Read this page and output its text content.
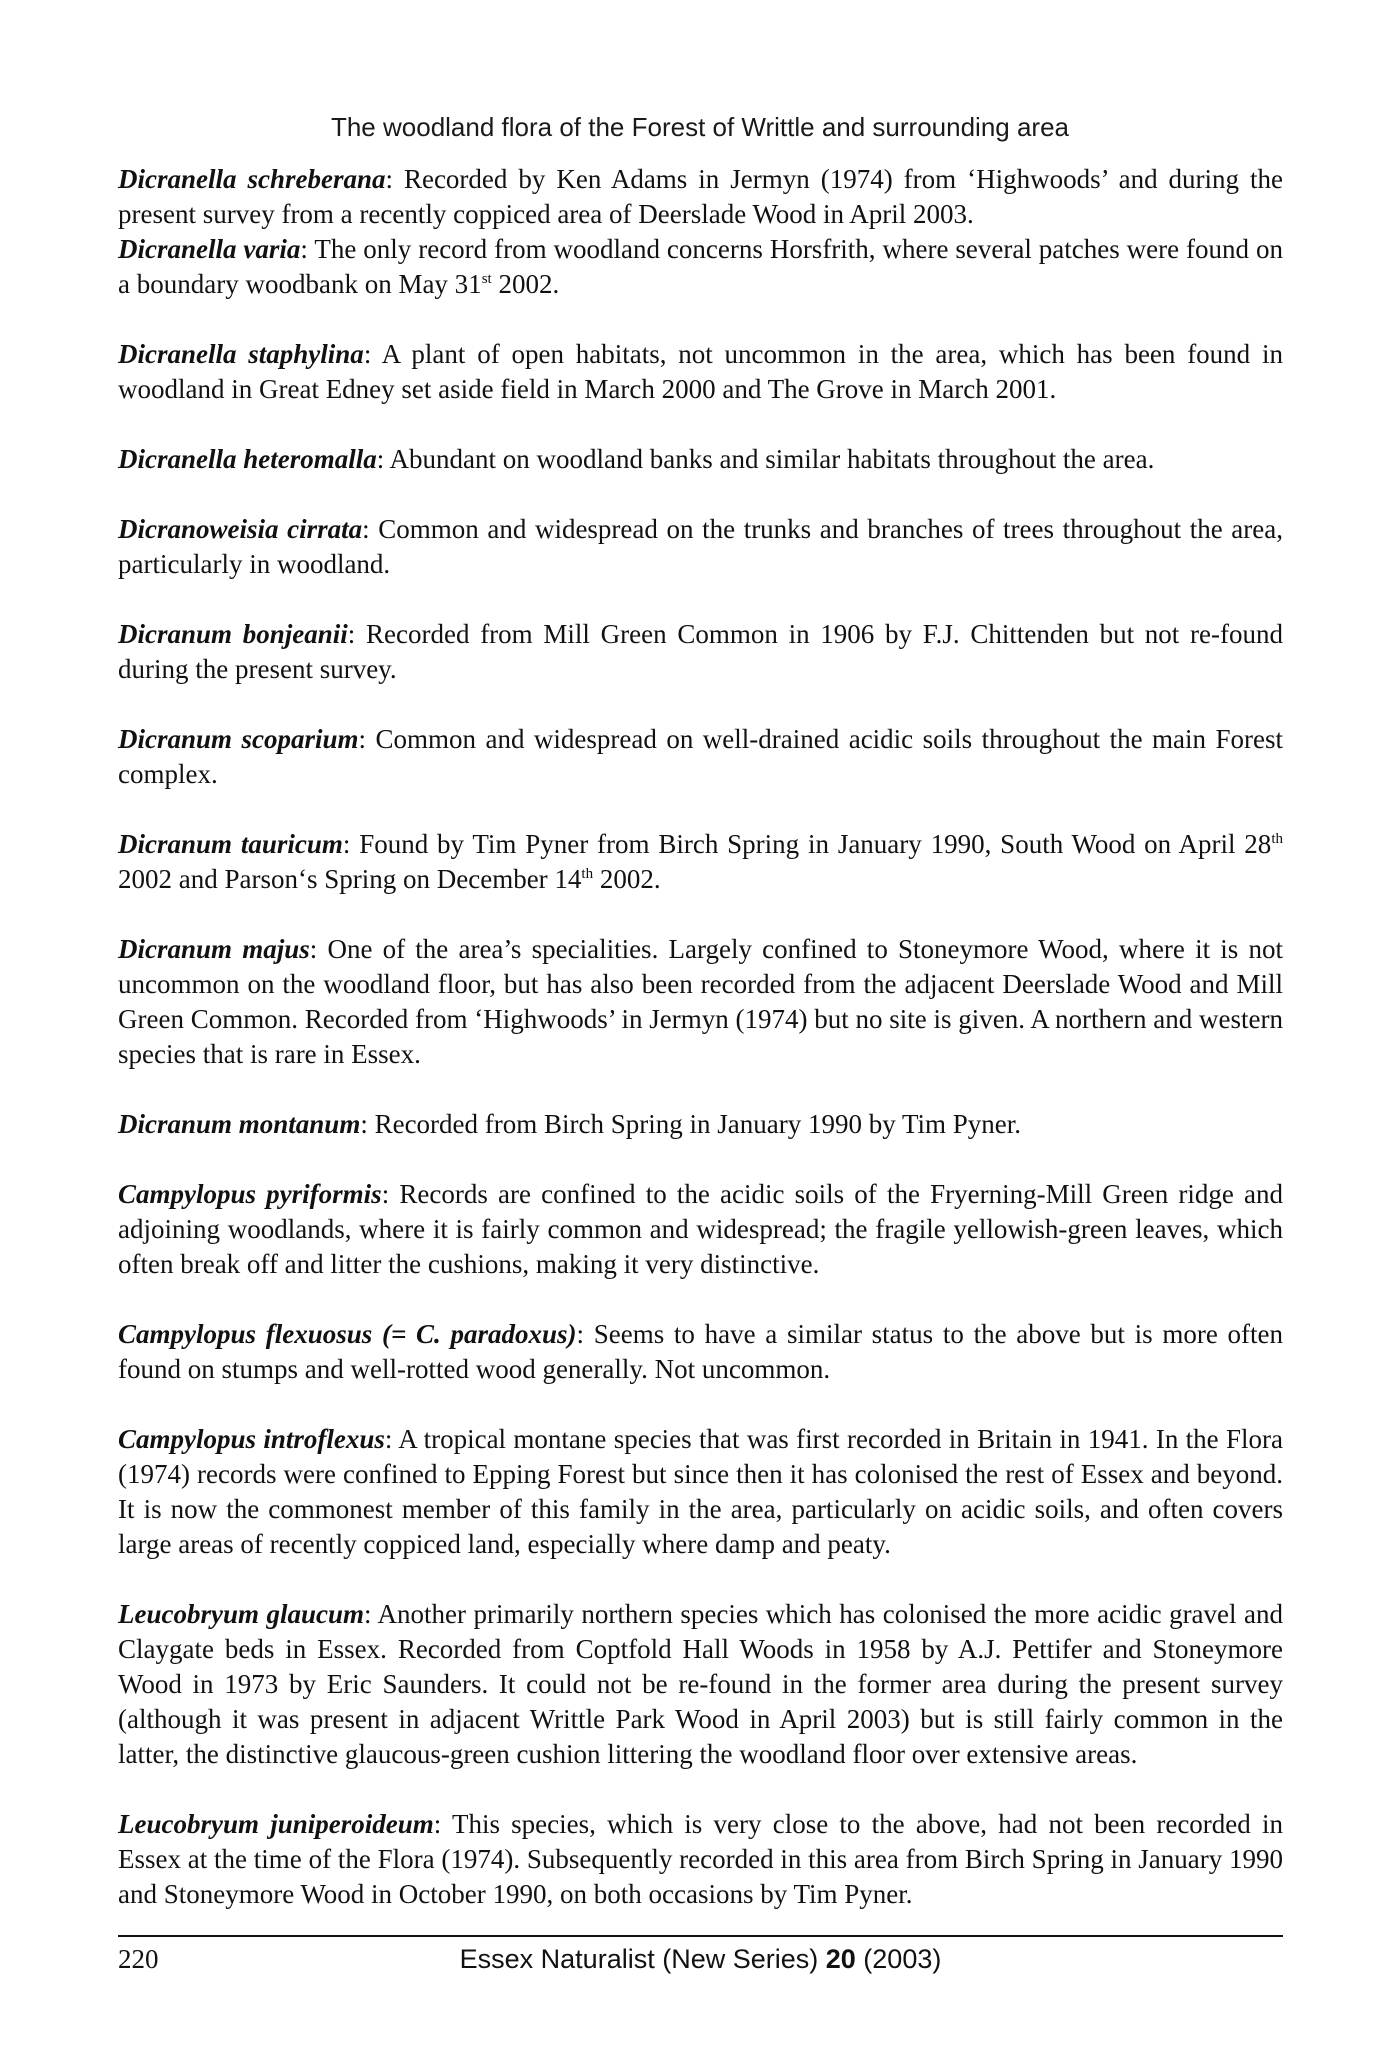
The woodland flora of the Forest of Writtle and surrounding area

Dicranella schreberana: Recorded by Ken Adams in Jermyn (1974) from ‘Highwoods’ and during the present survey from a recently coppiced area of Deerslade Wood in April 2003.

Dicranella varia: The only record from woodland concerns Horsfrith, where several patches were found on a boundary woodbank on May 31st 2002.

Dicranella staphylina: A plant of open habitats, not uncommon in the area, which has been found in woodland in Great Edney set aside field in March 2000 and The Grove in March 2001.

Dicranella heteromalla: Abundant on woodland banks and similar habitats throughout the area.

Dicranoweisia cirrata: Common and widespread on the trunks and branches of trees throughout the area, particularly in woodland.

Dicranum bonjeanii: Recorded from Mill Green Common in 1906 by F.J. Chittenden but not re-found during the present survey.

Dicranum scoparium: Common and widespread on well-drained acidic soils throughout the main Forest complex.

Dicranum tauricum: Found by Tim Pyner from Birch Spring in January 1990, South Wood on April 28th 2002 and Parson‘s Spring on December 14th 2002.

Dicranum majus: One of the area’s specialities. Largely confined to Stoneymore Wood, where it is not uncommon on the woodland floor, but has also been recorded from the adjacent Deerslade Wood and Mill Green Common. Recorded from ‘Highwoods’ in Jermyn (1974) but no site is given. A northern and western species that is rare in Essex.

Dicranum montanum: Recorded from Birch Spring in January 1990 by Tim Pyner.

Campylopus pyriformis: Records are confined to the acidic soils of the Fryerning-Mill Green ridge and adjoining woodlands, where it is fairly common and widespread; the fragile yellowish-green leaves, which often break off and litter the cushions, making it very distinctive.

Campylopus flexuosus (= C. paradoxus): Seems to have a similar status to the above but is more often found on stumps and well-rotted wood generally. Not uncommon.

Campylopus introflexus: A tropical montane species that was first recorded in Britain in 1941. In the Flora (1974) records were confined to Epping Forest but since then it has colonised the rest of Essex and beyond. It is now the commonest member of this family in the area, particularly on acidic soils, and often covers large areas of recently coppiced land, especially where damp and peaty.

Leucobryum glaucum: Another primarily northern species which has colonised the more acidic gravel and Claygate beds in Essex. Recorded from Coptfold Hall Woods in 1958 by A.J. Pettifer and Stoneymore Wood in 1973 by Eric Saunders. It could not be re-found in the former area during the present survey (although it was present in adjacent Writtle Park Wood in April 2003) but is still fairly common in the latter, the distinctive glaucous-green cushion littering the woodland floor over extensive areas.

Leucobryum juniperoideum: This species, which is very close to the above, had not been recorded in Essex at the time of the Flora (1974). Subsequently recorded in this area from Birch Spring in January 1990 and Stoneymore Wood in October 1990, on both occasions by Tim Pyner.

220	Essex Naturalist (New Series) 20 (2003)
